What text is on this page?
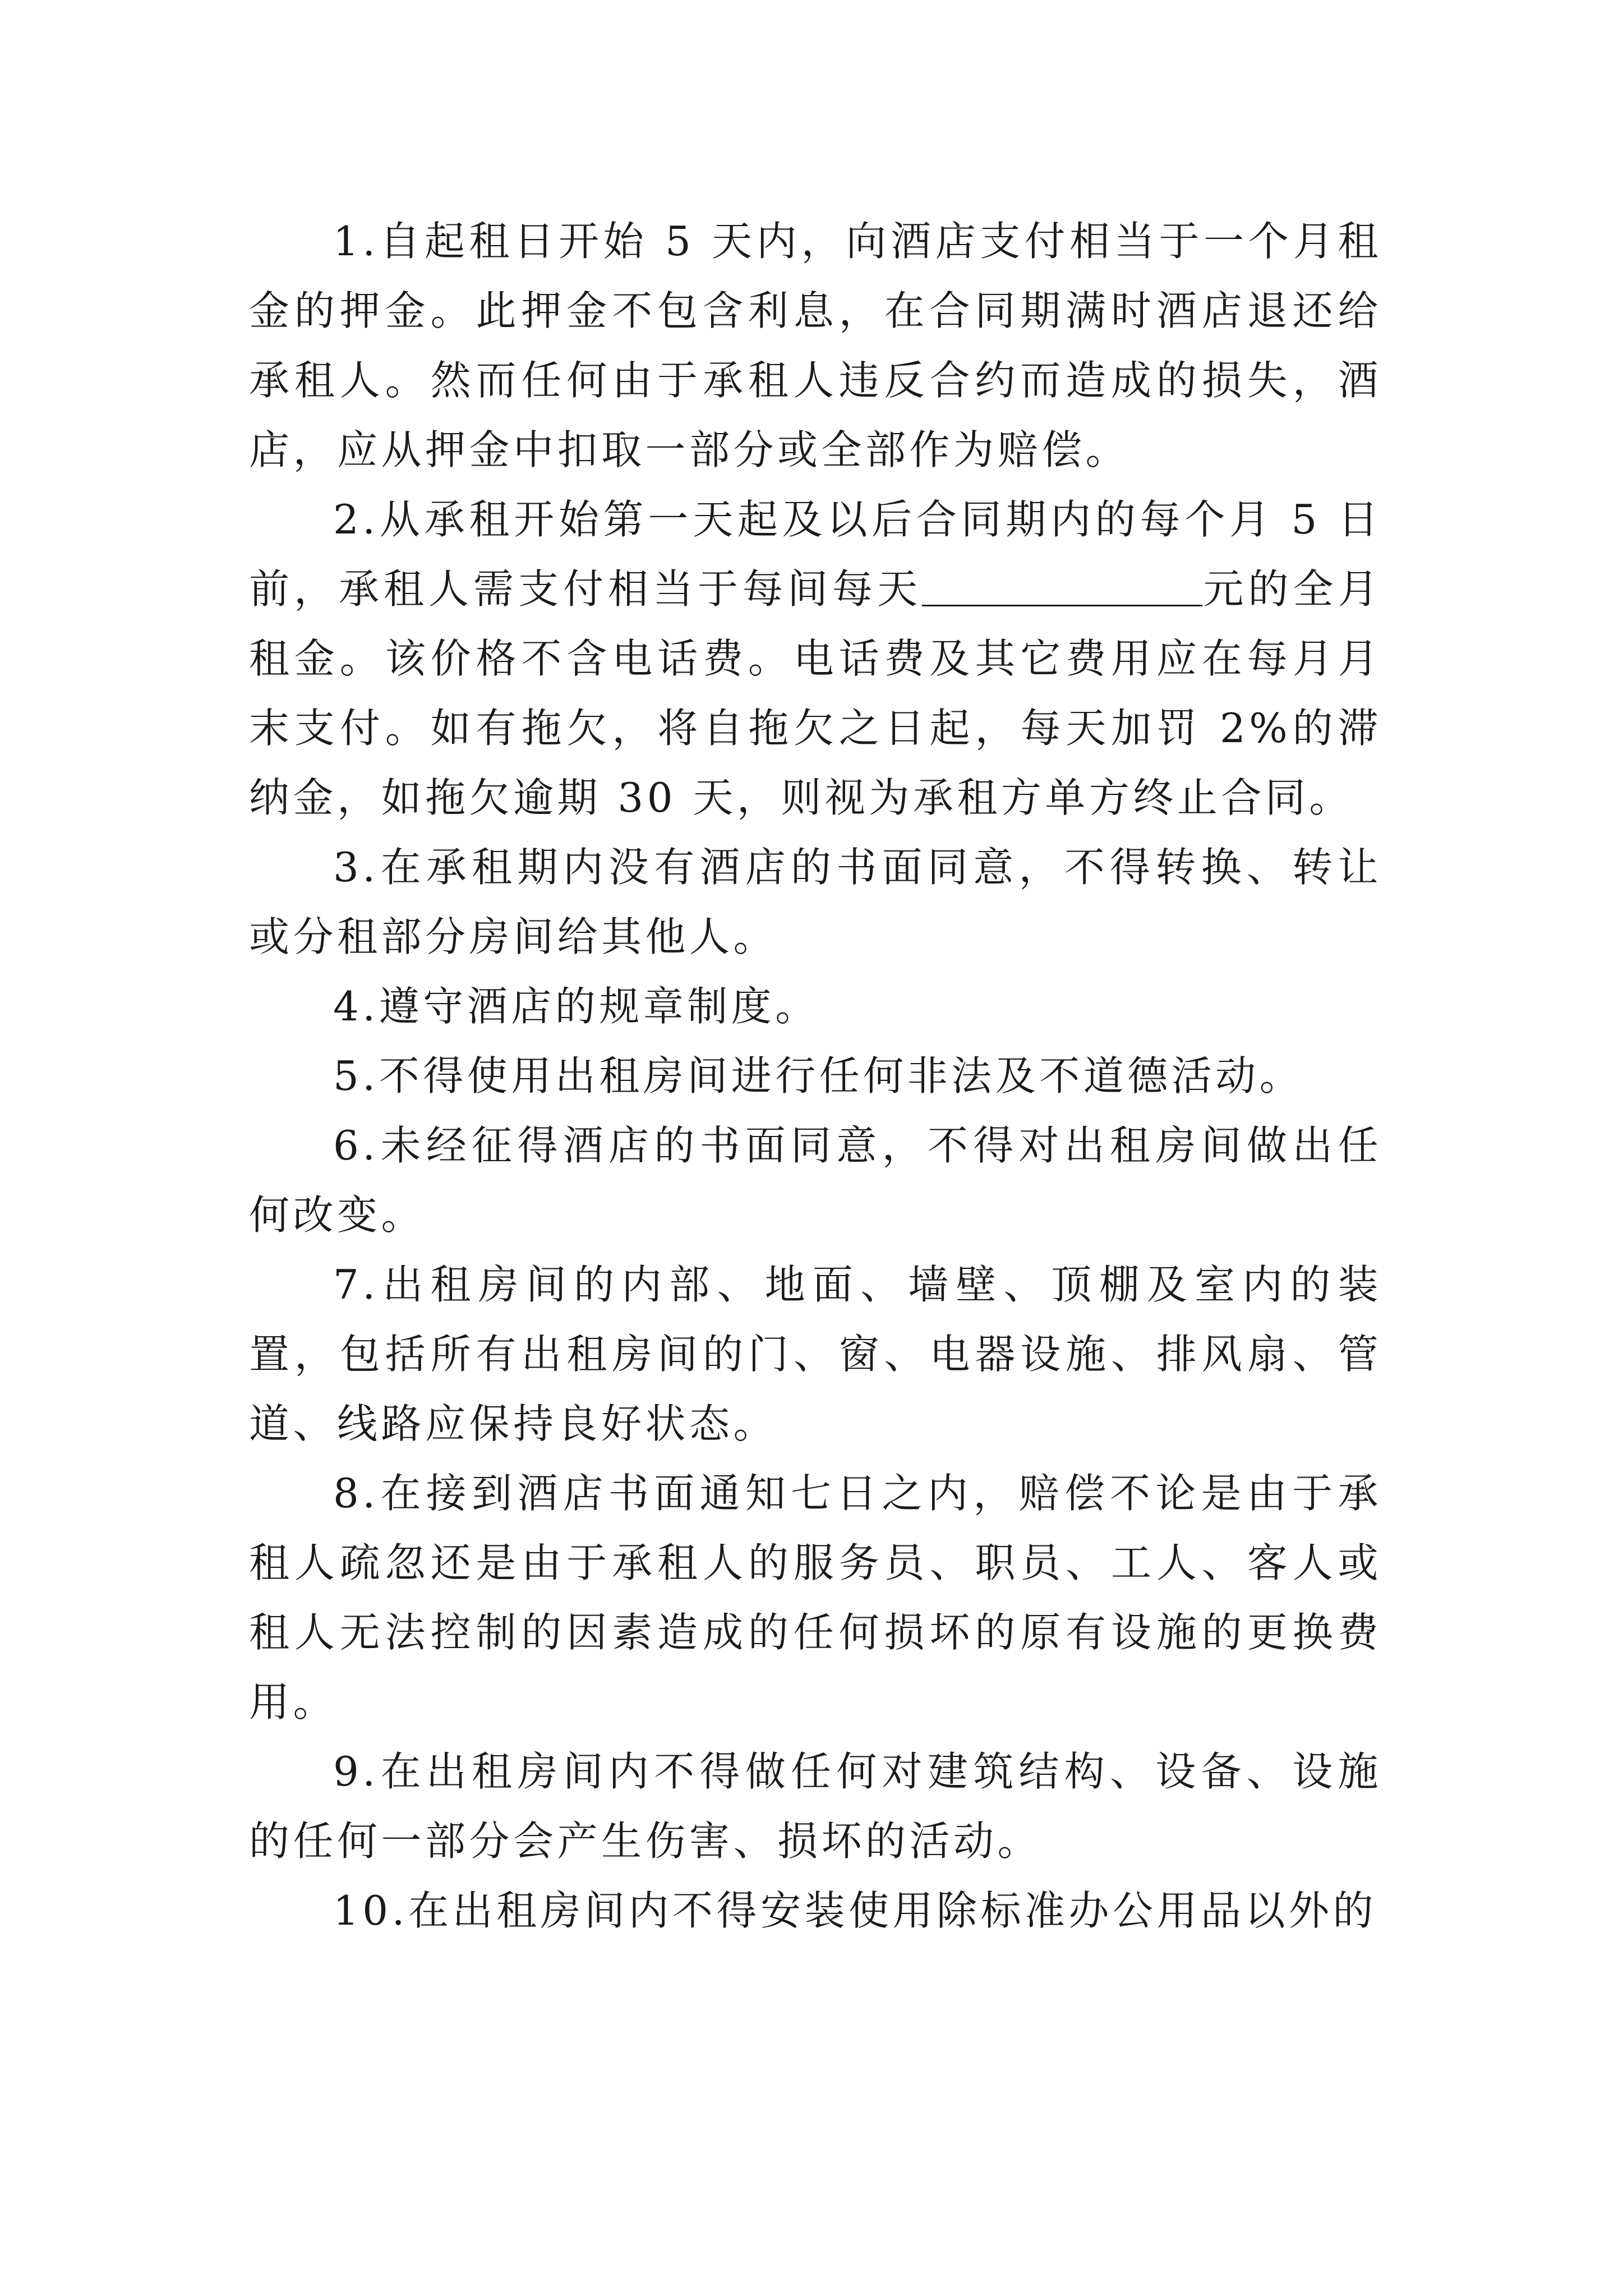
1.自起租日开始 5 天内，向酒店支付相当于一个月租金的押金。此押金不包含利息，在合同期满时酒店退还给承租人。然而任何由于承租人违反合约而造成的损失，酒店，应从押金中扣取一部分或全部作为赔偿。

2.从承租开始第一天起及以后合同期内的每个月 5 日前，承租人需支付相当于每间每天	元的全月租金。该价格不含电话费。电话费及其它费用应在每月月末支付。如有拖欠，将自拖欠之日起，每天加罚 2%的滞纳金，如拖欠逾期 30 天，则视为承租方单方终止合同。

3.在承租期内没有酒店的书面同意，不得转换、转让或分租部分房间给其他人。

4.遵守酒店的规章制度。

5.不得使用出租房间进行任何非法及不道德活动。

6.未经征得酒店的书面同意，不得对出租房间做出任何改变。

7.出租房间的内部、地面、墙壁、顶棚及室内的装置，包括所有出租房间的门、窗、电器设施、排风扇、管道、线路应保持良好状态。

8.在接到酒店书面通知七日之内，赔偿不论是由于承租人疏忽还是由于承租人的服务员、职员、工人、客人或租人无法控制的因素造成的任何损坏的原有设施的更换费用。

9.在出租房间内不得做任何对建筑结构、设备、设施的任何一部分会产生伤害、损坏的活动。

10.在出租房间内不得安装使用除标准办公用品以外的
